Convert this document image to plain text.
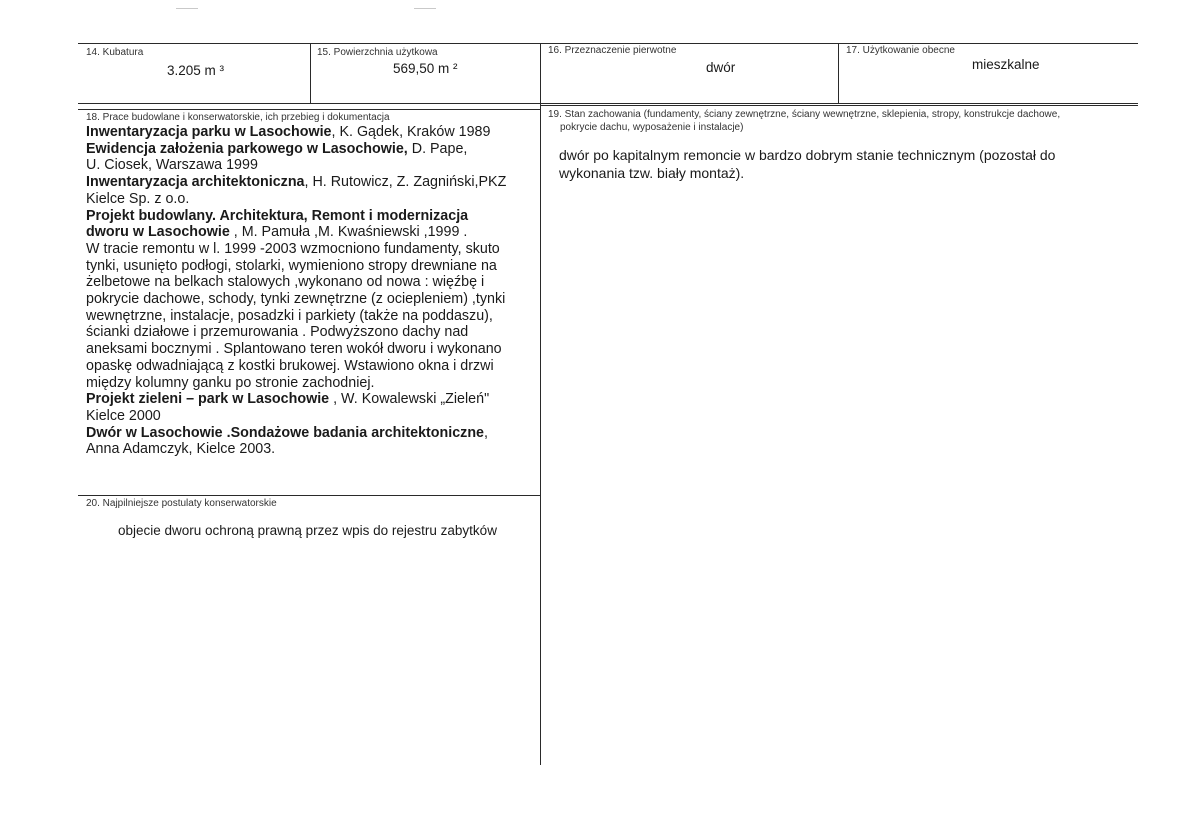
14. Kubatura
3.205 m ³
15. Powierzchnia użytkowa
569,50 m ²
16. Przeznaczenie pierwotne
dwór
17. Użytkowanie obecne
mieszkalne
18. Prace budowlane i konserwatorskie, ich przebieg i dokumentacja

Inwentaryzacja parku w Lasochowie, K. Gądek, Kraków 1989

Ewidencja założenia parkowego w Lasochowie, D. Pape,

U. Ciosek, Warszawa 1999

Inwentaryzacja architektoniczna, H. Rutowicz, Z. Zagniński,PKZ

Kielce Sp. z o.o.

Projekt budowlany. Architektura, Remont i modernizacja

dworu w Lasochowie , M. Pamuła ,M. Kwaśniewski ,1999 .

W tracie remontu w l. 1999 -2003 wzmocniono fundamenty, skuto

tynki, usunięto podłogi, stolarki, wymieniono stropy drewniane na

żelbetowe na belkach stalowych ,wykonano od nowa : więźbę i

pokrycie dachowe, schody, tynki zewnętrzne (z ociepleniem) ,tynki

wewnętrzne, instalacje, posadzki i parkiety (także na poddaszu),

ścianki działowe i przemurowania . Podwyższono dachy nad

aneksami bocznymi . Splantowano teren wokół dworu i wykonano

opaskę odwadniającą z kostki brukowej. Wstawiono okna i drzwi

między kolumny ganku po stronie zachodniej.

Projekt zieleni – park w Lasochowie , W. Kowalewski „Zieleń"

Kielce 2000

Dwór w Lasochowie .Sondażowe badania architektoniczne,

Anna Adamczyk, Kielce 2003.

19. Stan zachowania (fundamenty, ściany zewnętrzne, ściany wewnętrzne, sklepienia, stropy, konstrukcje dachowe,
pokrycie dachu, wyposażenie i instalacje)
dwór po kapitalnym remoncie w bardzo dobrym stanie technicznym (pozostał do
wykonania tzw. biały montaż).
20. Najpilniejsze postulaty konserwatorskie
objecie dworu ochroną prawną przez wpis do rejestru zabytków
